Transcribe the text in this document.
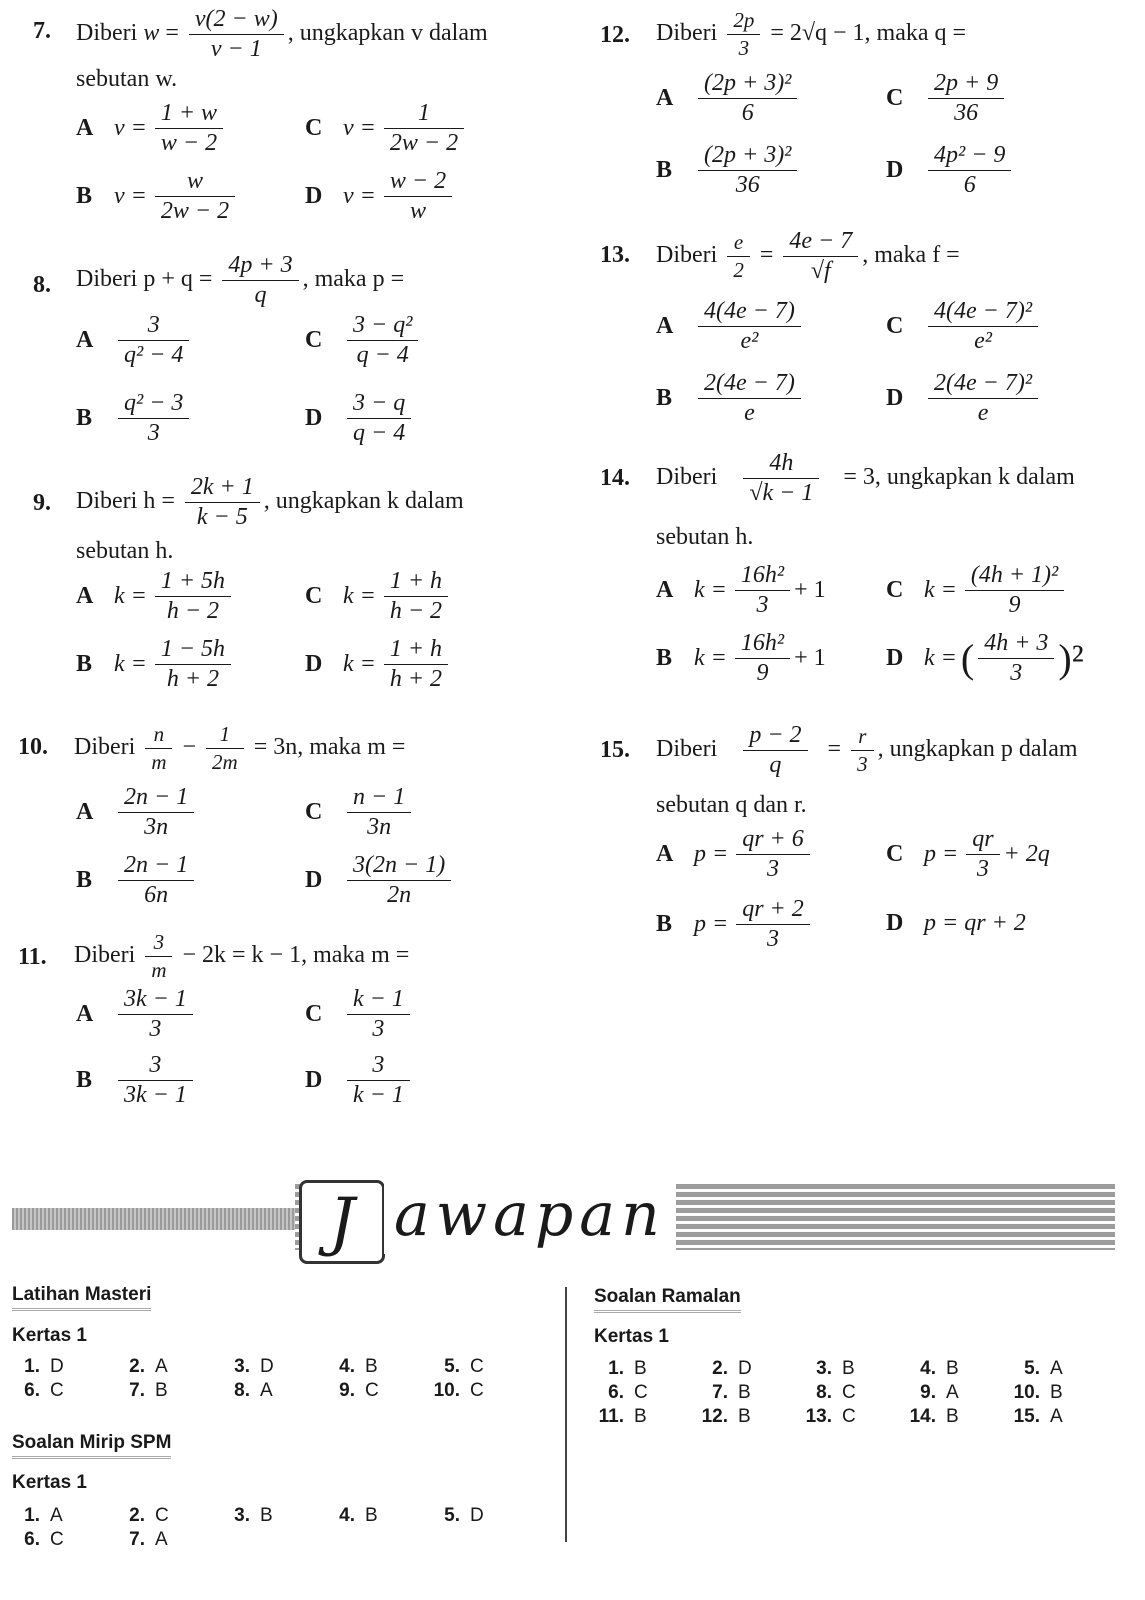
7. Diberi $w = \frac{v(2 - w)}{v - 1}$ , ungkapkan v dalam
sebutan w.
A $v = \frac{1 + w}{w - 2}$	C $v = \frac{1}{2w - 2}$
B $v = \frac{w}{2w - 2}$	D $v = \frac{w - 2}{w}$
8. Diberi $p + q = \frac{4p + 3}{q}$ , maka p =
A	$\frac{3}{\text{q² − 4}}$	C	$\frac{\text{3 − q²}}{q - 4}$
B	$\frac{\text{q² − 3}}{3}$	D	$\frac{3 - q}{q - 4}$
9. Diberi $h = \frac{2k + 1}{k - 5}$ , ungkapkan k dalam
sebutan h.
A $k = \frac{1 + 5h}{h - 2}$	C $k = \frac{1 + h}{h - 2}$
B $k = \frac{1 - 5h}{h + 2}$	D $k = \frac{1 + h}{h + 2}$
10. Diberi $\frac{n}{m} - \frac{1}{2m} = 3n$, maka m =
A	$\frac{2n - 1}{3n}$	C	$\frac{n - 1}{3n}$
B	$\frac{2n - 1}{6n}$	D	$\frac{3(2n - 1)}{2n}$
11. Diberi $\frac{3}{m} - 2k = k - 1$, maka m =
A	$\frac{3k - 1}{3}$	C	$\frac{k - 1}{3}$
B	$\frac{3}{3k - 1}$	D	$\frac{3}{k - 1}$
12. Diberi $\frac{2p}{3} = 2√q - 1$, maka q =
A	$\frac{\text{(2p + 3)²}}{6}$	C	$\frac{2p + 9}{36}$
B	$\frac{\text{(2p + 3)²}}{36}$	D	$\frac{\text{4p² − 9}}{6}$
13. Diberi $\frac{e}{2} = \frac{4e - 7}{√f}$ , maka f =
A	$\frac{4(4e - 7)}{\text{e²}}$	C	$\frac{\text{4(4e − 7)²}}{\text{e²}}$
B	$\frac{2(4e - 7)}{e}$	D	$\frac{\text{2(4e − 7)²}}{e}$
14. Diberi $\frac{4h}{√k - 1} = 3$, ungkapkan k dalam
sebutan h.
A $k = \frac{\text{16h²}}{3} + 1$	C $k = \frac{\text{(4h + 1)²}}{9}$
B $k = \frac{\text{16h²}}{9} + 1$	D k = ( $\frac{4h + 3}{3} )^2$
15. Diberi $\frac{p - 2}{q} = \frac{r}{3}$ , ungkapkan p dalam
sebutan q dan r.
A $p = \frac{qr + 6}{3}$	C $p = \frac{qr}{3} + 2q$
B $p = \frac{qr + 2}{3}$	D p = qr + 2
J awapan
Latihan Masteri
Kertas 1
1. D	2. A	3. D	4. B	5. C
6. C	7. B	8. A	9. C	10. C
Soalan Mirip SPM
Kertas 1
1. A	2. C	3. B	4. B	5. D
6. C	7. A
Soalan Ramalan
Kertas 1
1. B	2. D	3. B	4. B	5. A
6. C	7. B	8. C	9. A	10. B
11. B	12. B	13. C	14. B	15. A
